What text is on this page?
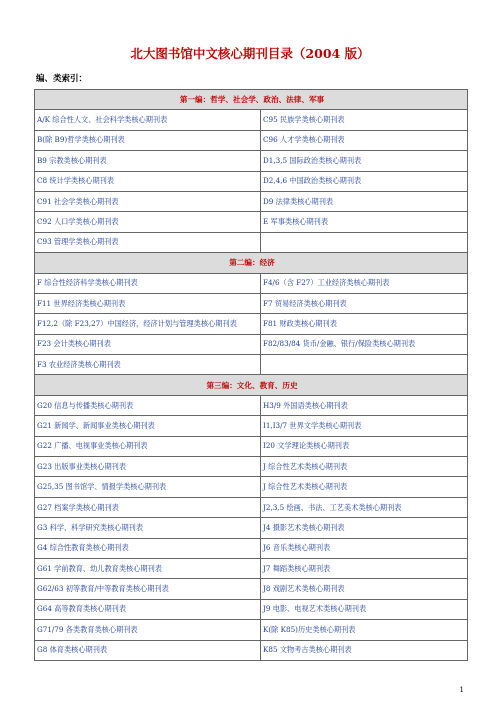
北大图书馆中文核心期刊目录（2004 版）
编、类索引：
第一编：哲学、社会学、政治、法律、军事	
A/K 综合性人文、社会科学类核心期刊表	C95 民族学类核心期刊表
B(除 B9)哲学类核心期刊表	C96 人才学类核心期刊表
B9 宗教类核心期刊表	D1,3,5 国际政治类核心期刊表
C8 统计学类核心期刊表	D2,4,6 中国政治类核心期刊表
C91 社会学类核心期刊表	D9 法律类核心期刊表
C92 人口学类核心期刊表	E 军事类核心期刊表
C93 管理学类核心期刊表	
第二编：经济	
F 综合性经济科学类核心期刊表	F4/6（含 F27）工业经济类核心期刊表
F11 世界经济类核心期刊表	F7 贸易经济类核心期刊表
F12,2（除 F23,27）中国经济，经济计划与管理类核心期刊表	F81 财政类核心期刊表
F23 会计类核心期刊表	F82/83/84 货币/金融、银行/保险类核心期刊表
F3 农业经济类核心期刊表	
第三编：文化、教育、历史	
G20 信息与传播类核心期刊表	H3/9 外国语类核心期刊表
G21 新闻学、新闻事业类核心期刊表	I1,I3/7 世界文学类核心期刊表
G22 广播、电视事业类核心期刊表	I20 文学理论类核心期刊表
G23 出版事业类核心期刊表	J 综合性艺术类核心期刊表
G25,35 图书馆学、情报学类核心期刊表	J 综合性艺术类核心期刊表
G27 档案学类核心期刊表	J2,3,5 绘画、书法、工艺美术类核心期刊表
G3 科学、科学研究类核心期刊表	J4 摄影艺术类核心期刊表
G4 综合性教育类核心期刊表	J6 音乐类核心期刊表
G61 学前教育、幼儿教育类核心期刊表	J7 舞蹈类核心期刊表
G62/63 初等教育/中等教育类核心期刊表	J8 戏剧艺术类核心期刊表
G64 高等教育类核心期刊表	J9 电影、电视艺术类核心期刊表
G71/79 各类教育类核心期刊表	K(除 K85)历史类核心期刊表
G8 体育类核心期刊表	K85 文物考古类核心期刊表
1
